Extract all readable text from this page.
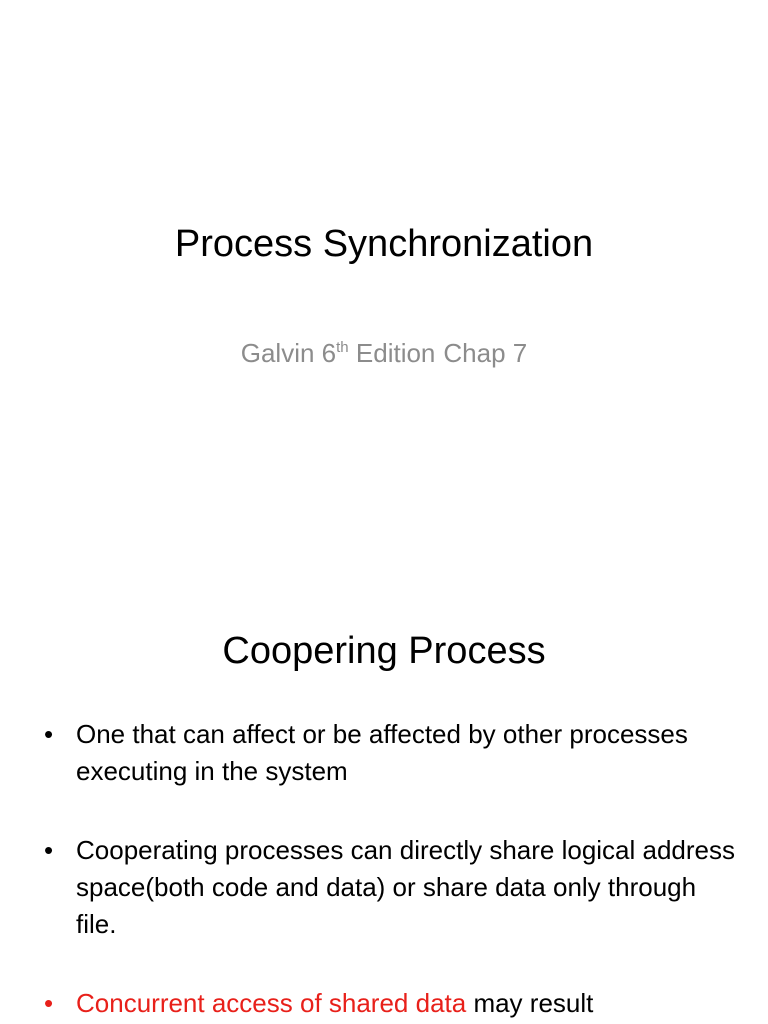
Process Synchronization
Galvin 6th Edition Chap 7
Coopering Process
• One that can affect or be affected by other processes executing in the system
• Cooperating processes can directly share logical address space(both code and data) or share data only through file.
• Concurrent access of shared data may result
